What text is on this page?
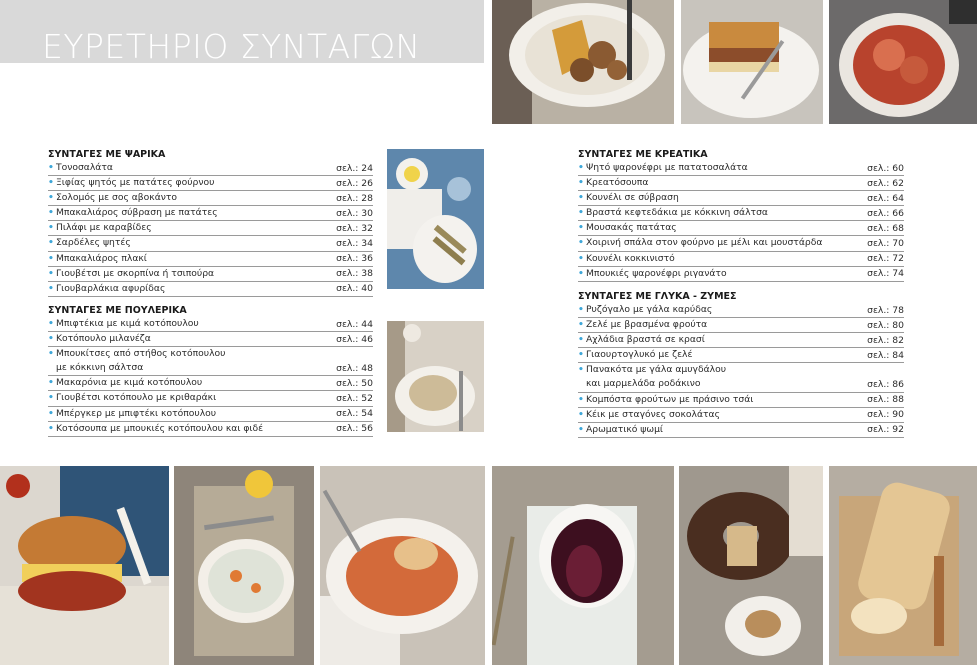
ΕΥΡΕΤΗΡΙΟ ΣΥΝΤΑΓΩΝ
ΣΥΝΤΑΓΕΣ ΜΕ ΨΑΡΙΚΑ
• Τονοσαλάτα	σελ.: 24
• Ξιφίας ψητός με πατάτες φούρνου	σελ.: 26
• Σολομός με σος αβοκάντο	σελ.: 28
• Μπακαλιάρος σύβραση με πατάτες	σελ.: 30
• Πιλάφι με καραβίδες	σελ.: 32
• Σαρδέλες ψητές	σελ.: 34
• Μπακαλιάρος πλακί	σελ.: 36
• Γιουβέτσι με σκορπίνα ή τσιπούρα	σελ.: 38
• Γιουβαρλάκια αφυρίδας	σελ.: 40
ΣΥΝΤΑΓΕΣ ΜΕ ΠΟΥΛΕΡΙΚΑ
• Μπιφτέκια με κιμά κοτόπουλου	σελ.: 44
• Κοτόπουλο μιλανέζα	σελ.: 46
• Μπουκίτσες από στήθος κοτόπουλου
με κόκκινη σάλτσα	σελ.: 48
• Μακαρόνια με κιμά κοτόπουλου	σελ.: 50
• Γιουβέτσι κοτόπουλο με κριθαράκι	σελ.: 52
• Μπέργκερ με μπιφτέκι κοτόπουλου	σελ.: 54
• Κοτόσουπα με μπουκιές κοτόπουλου και φιδέ	σελ.: 56
ΣΥΝΤΑΓΕΣ ΜΕ ΚΡΕΑΤΙΚΑ
• Ψητό ψαρονέφρι με πατατοσαλάτα	σελ.: 60
• Κρεατόσουπα	σελ.: 62
• Κουνέλι σε σύβραση	σελ.: 64
• Βραστά κεφτεδάκια με κόκκινη σάλτσα	σελ.: 66
• Μουσακάς πατάτας	σελ.: 68
• Χοιρινή σπάλα στον φούρνο με μέλι και μουστάρδα	σελ.: 70
• Κουνέλι κοκκινιστό	σελ.: 72
• Μπουκιές ψαρονέφρι ριγανάτο	σελ.: 74
ΣΥΝΤΑΓΕΣ ΜΕ ΓΛΥΚΑ - ΖΥΜΕΣ
• Ρυζόγαλο με γάλα καρύδας	σελ.: 78
• Ζελέ με βρασμένα φρούτα	σελ.: 80
• Αχλάδια βραστά σε κρασί	σελ.: 82
• Γιαουρτογλυκό με ζελέ	σελ.: 84
• Πανακότα με γάλα αμυγδάλου
και μαρμελάδα ροδάκινο	σελ.: 86
• Κομπόστα φρούτων με πράσινο τσάι	σελ.: 88
• Κέικ με σταγόνες σοκολάτας	σελ.: 90
• Αρωματικό ψωμί	σελ.: 92
